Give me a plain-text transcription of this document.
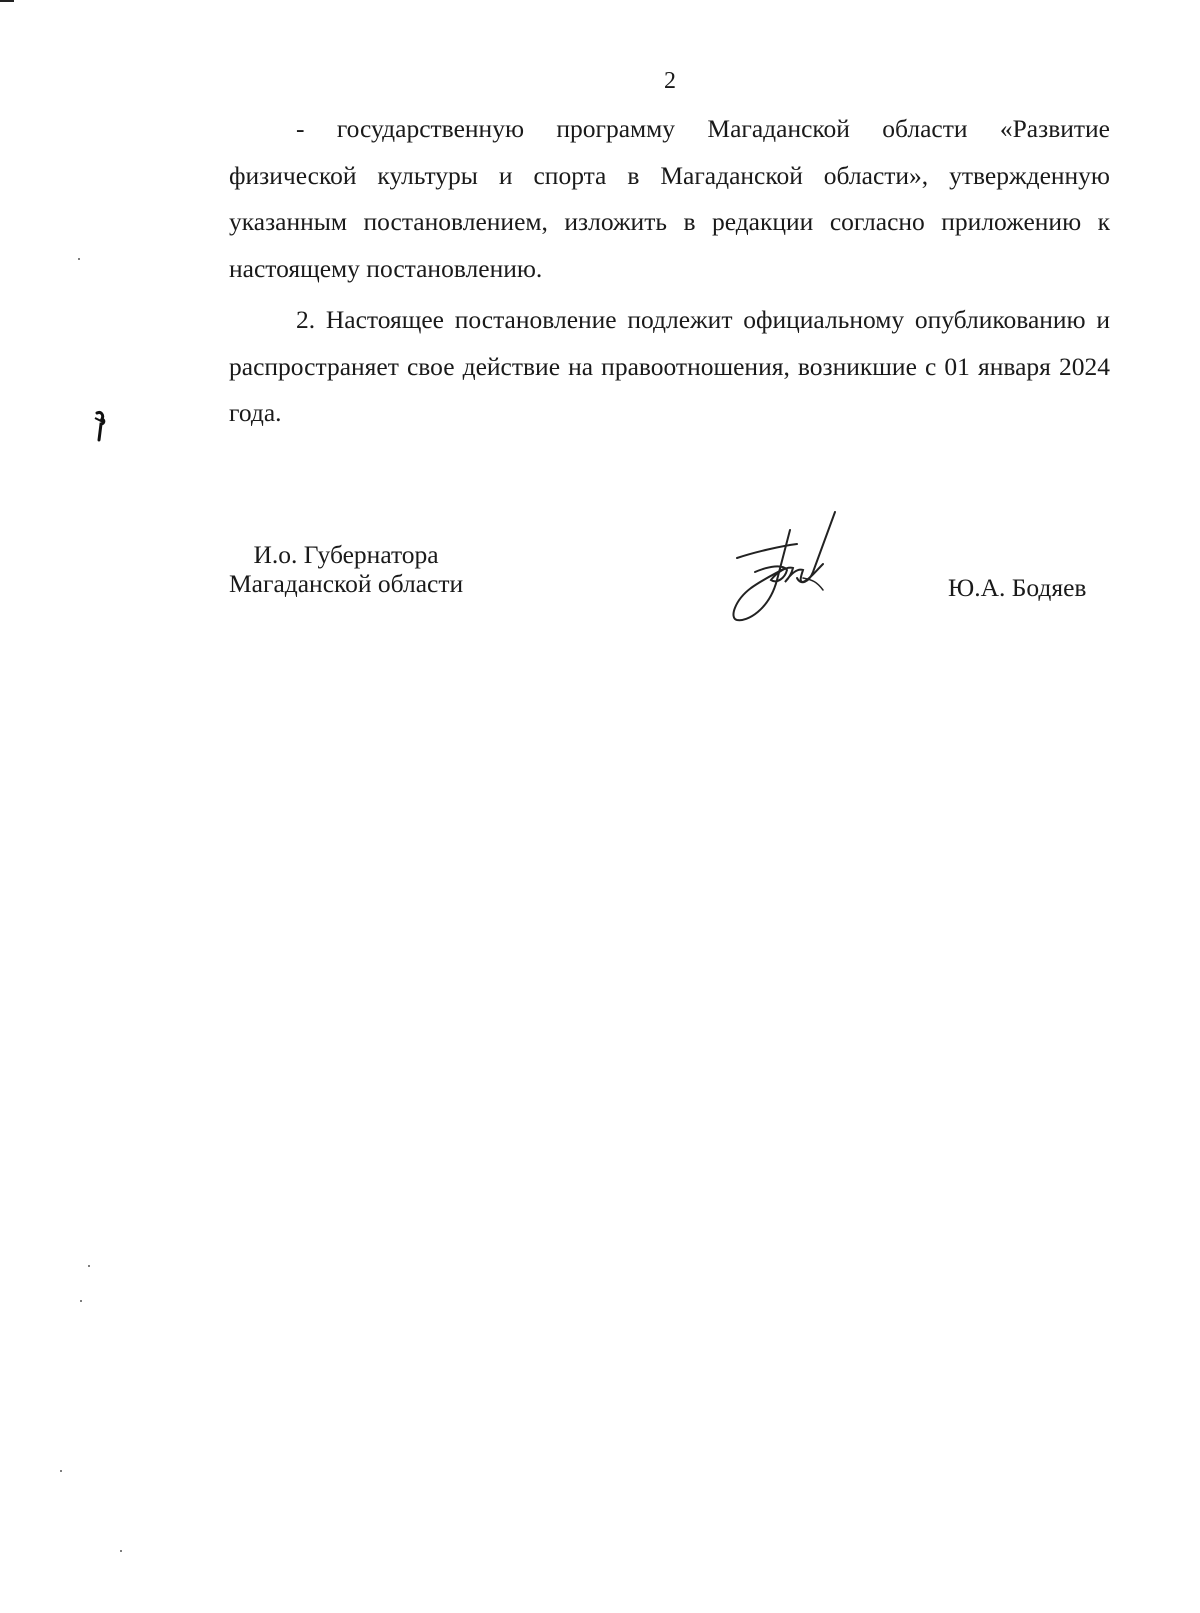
2

- государственную программу Магаданской области «Развитие физической культуры и спорта в Магаданской области», утвержденную указанным постановлением, изложить в редакции согласно приложению к настоящему постановлению.

2. Настоящее постановление подлежит официальному опубликованию и распространяет свое действие на правоотношения, возникшие с 01 января 2024 года.

И.о. Губернатора
Магаданской области	Ю.А. Бодяев
